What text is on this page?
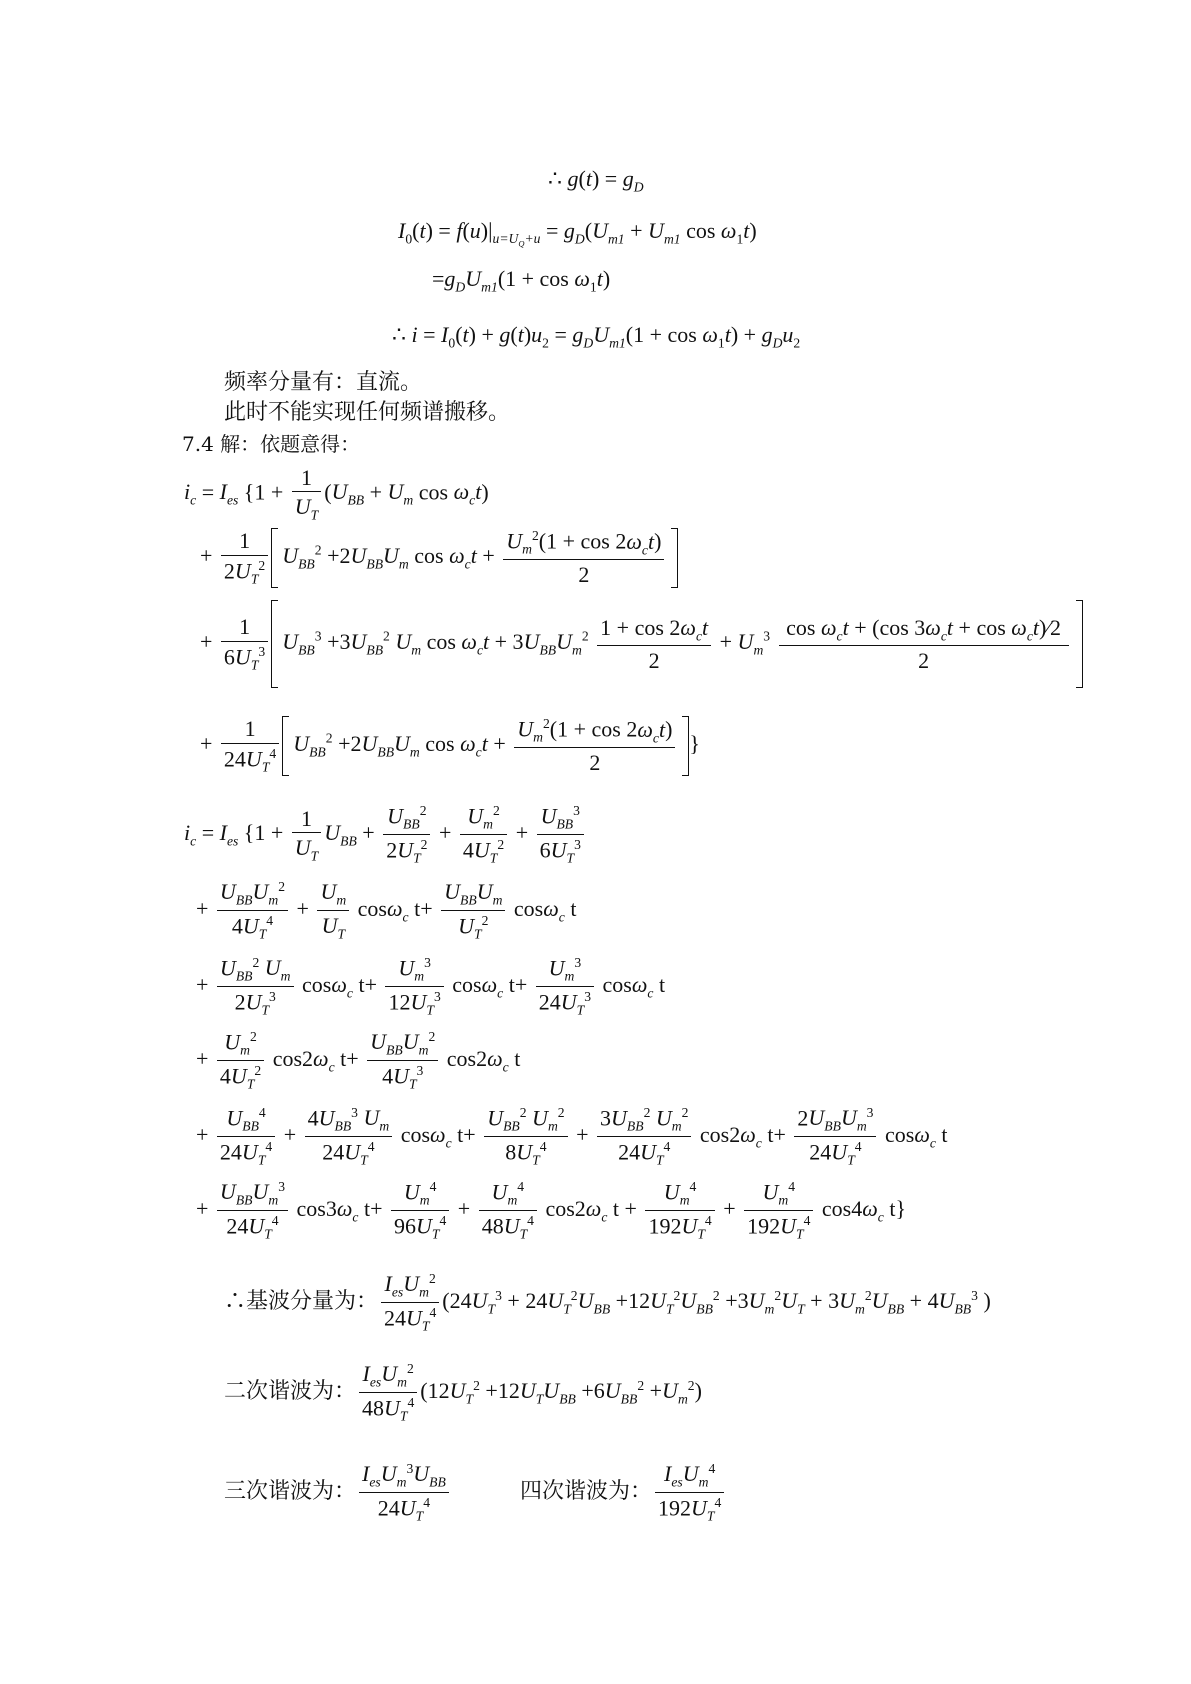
∴ $g(t) = g_D$
$I_0(t) = f(u)|_{u=U_Q+u} = g_D(U_{m1} + U_{m1}$ $\cos \omega_1t$)
$=g_DU_{m1}(1 + \cos \omega_1t)$
∴ $i = I_0(t) + g(t)u_2 = g_DU_{m1}(1 + \cos \omega_1t) + g_Du_2$
频率分量有：直流。
此时不能实现任何频谱搬移。
7.4 解：依题意得：
$i_c = I_{es}$ {$1 + \frac{1}{U_T} (U_{BB} + U_m$ $\cos \omega_ct$)
+ $\frac{1}{2U_T^2} U_{BB}^2 +2U_{BB}U_m$ $\cos \omega_ct + \frac{U_m^2(1 + \cos 2\omega_ct)}{2}$
+ $\frac{1}{6U_T^3} U_{BB}^3 +3U_{BB}^2$ $U_m$ $\cos \omega_ct + 3U_{BB}U_m^2 \frac{1 + \cos 2\omega_ct}{2} + U_m^3 \frac{\cos \omega_ct + (\cos 3\omega_ct + \cos \omega_ct)⁄2}{2}$
+ $\frac{1}{24U_T^4} U_{BB}^2 +2U_{BB}U_m$ $\cos \omega_ct + \frac{U_m^2(1 + \cos 2\omega_ct)}{2}$ }
$i_c = I_{es}$ {$1 + \frac{1}{U_T} U_{BB} + \frac{U_{BB}^2}{2U_T^2} + \frac{U_m^2}{4U_T^2} + \frac{U_{BB}^3}{6U_T^3}$
+ $\frac{U_{BB}U_m^2}{4U_T^4} + \frac{U_m}{U_T} \cos\omega_c$ $t+ \frac{U_{BB}U_m}{U_T^2} \cos\omega_c$ t
+ $\frac{U_{BB}^2 U_m}{2U_T^3} \cos\omega_c$ $t+ \frac{U_m^3}{12U_T^3} \cos\omega_c$ $t+ \frac{U_m^3}{24U_T^3} \cos\omega_c$ t
+ $\frac{U_m^2}{4U_T^2} \cos 2\omega_c$ $t+ \frac{U_{BB}U_m^2}{4U_T^3} \cos 2\omega_c$ t
+ $\frac{U_{BB}^4}{24U_T^4} + \frac{4U_{BB}^3 U_m}{24U_T^4} \cos\omega_c$ $t+ \frac{U_{BB}^2 U_m^2}{8U_T^4} + \frac{3U_{BB}^2 U_m^2}{24U_T^4} \cos 2\omega_c$ $t+ \frac{2U_{BB}U_m^3}{24U_T^4} \cos\omega_c$ t
+ $\frac{U_{BB}U_m^3}{24U_T^4} \cos 3\omega_c$ $t+ \frac{U_m^4}{96U_T^4} + \frac{U_m^4}{48U_T^4} \cos 2\omega_c$ $t + \frac{U_m^4}{192U_T^4} + \frac{U_m^4}{192U_T^4} \cos 4\omega_c$ t}
∴基波分量为： $\frac{I_{es}U_m^2}{24U_T^4} (24U_T^3 + 24U_T^2U_{BB} +12U_T^2U_{BB}^2 +3U_m^2U_T + 3U_m^2U_{BB} + 4U_{BB}^3$ )
二次谐波为： $\frac{I_{es}U_m^2}{48U_T^4} (12U_T^2 +12U_TU_{BB} +6U_{BB}^2 +U_m^2)$
三次谐波为： $\frac{I_{es}U_m^3U_{BB}}{24U_T^4}$	四次谐波为： $\frac{I_{es}U_m^4}{192U_T^4}$
